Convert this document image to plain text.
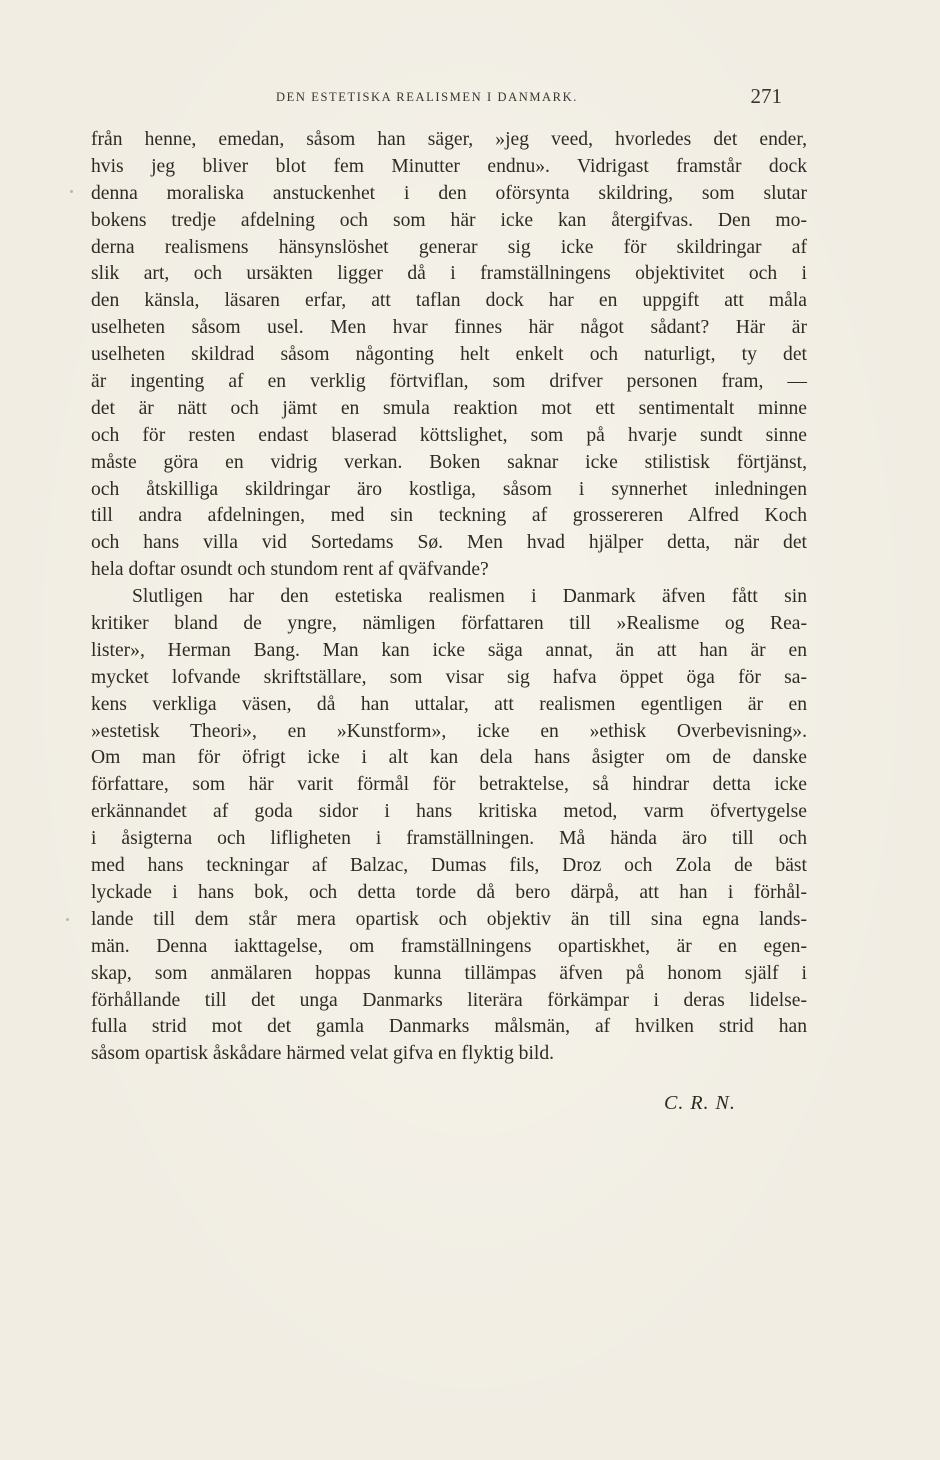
DEN ESTETISKA REALISMEN I DANMARK.	271
från henne, emedan, såsom han säger, »jeg veed, hvorledes det ender,
hvis jeg bliver blot fem Minutter endnu». Vidrigast framstår dock
denna moraliska anstuckenhet i den oförsynta skildring, som slutar
bokens tredje afdelning och som här icke kan återgifvas. Den mo-
derna realismens hänsynslöshet generar sig icke för skildringar af
slik art, och ursäkten ligger då i framställningens objektivitet och i
den känsla, läsaren erfar, att taflan dock har en uppgift att måla
uselheten såsom usel. Men hvar finnes här något sådant? Här är
uselheten skildrad såsom någonting helt enkelt och naturligt, ty det
är ingenting af en verklig förtviflan, som drifver personen fram, —
det är nätt och jämt en smula reaktion mot ett sentimentalt minne
och för resten endast blaserad köttslighet, som på hvarje sundt sinne
måste göra en vidrig verkan. Boken saknar icke stilistisk förtjänst,
och åtskilliga skildringar äro kostliga, såsom i synnerhet inledningen
till andra afdelningen, med sin teckning af grossereren Alfred Koch
och hans villa vid Sortedams Sø. Men hvad hjälper detta, när det
hela doftar osundt och stundom rent af qväfvande?
Slutligen har den estetiska realismen i Danmark äfven fått sin
kritiker bland de yngre, nämligen författaren till »Realisme og Rea-
lister», Herman Bang. Man kan icke säga annat, än att han är en
mycket lofvande skriftställare, som visar sig hafva öppet öga för sa-
kens verkliga väsen, då han uttalar, att realismen egentligen är en
»estetisk Theori», en »Kunstform», icke en »ethisk Overbevisning».
Om man för öfrigt icke i alt kan dela hans åsigter om de danske
författare, som här varit förmål för betraktelse, så hindrar detta icke
erkännandet af goda sidor i hans kritiska metod, varm öfvertygelse
i åsigterna och lifligheten i framställningen. Må hända äro till och
med hans teckningar af Balzac, Dumas fils, Droz och Zola de bäst
lyckade i hans bok, och detta torde då bero därpå, att han i förhål-
lande till dem står mera opartisk och objektiv än till sina egna lands-
män. Denna iakttagelse, om framställningens opartiskhet, är en egen-
skap, som anmälaren hoppas kunna tillämpas äfven på honom själf i
förhållande till det unga Danmarks literära förkämpar i deras lidelse-
fulla strid mot det gamla Danmarks målsmän, af hvilken strid han
såsom opartisk åskådare härmed velat gifva en flyktig bild.
C. R. N.
